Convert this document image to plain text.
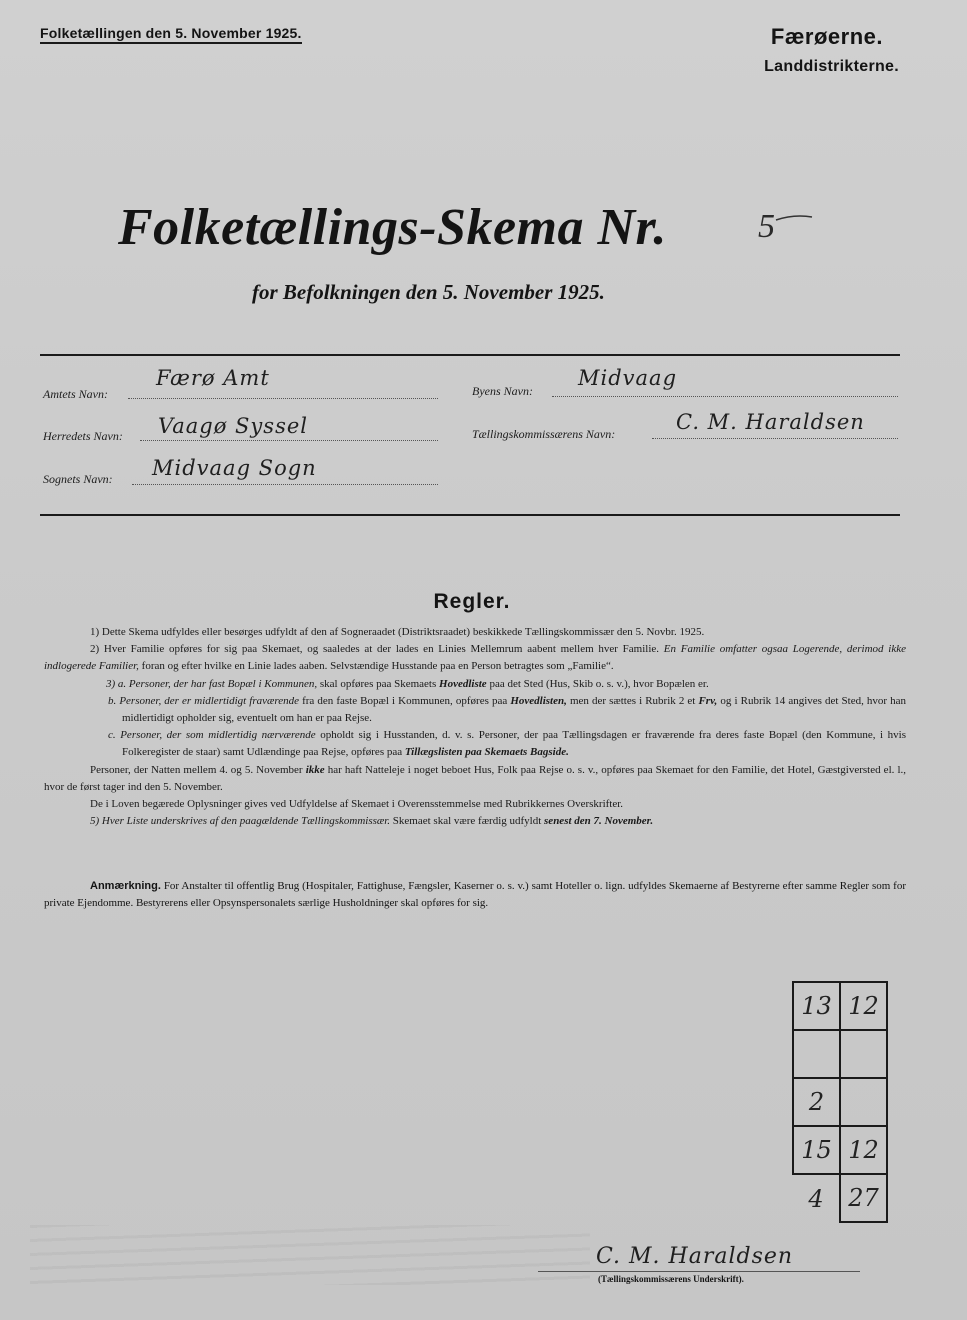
Folketællingen den 5. November 1925.	Færøerne.
Landdistrikterne.
Folketællings-Skema Nr.	5
for Befolkningen den 5. November 1925.
Amtets Navn:
Færø Amt
Herredets Navn: Vaagø Syssel
Sognets Navn: Midvaag Sogn
Byens Navn:
Midvaag
Tællingskommissærens Navn:	C. M. Haraldsen
Regler.

1) Dette Skema udfyldes eller besørges udfyldt af den af Sogneraadet (Distriktsraadet) beskikkede Tællingskommissær den 5. Novbr. 1925.

2) Hver Familie opføres for sig paa Skemaet, og saaledes at der lades en Linies Mellemrum aabent mellem hver Familie. En Familie omfatter ogsaa Logerende, derimod ikke indlogerede Familier, foran og efter hvilke en Linie lades aaben. Selvstændige Husstande paa en Person betragtes som „Familie“.

3) a. Personer, der har fast Bopæl i Kommunen, skal opføres paa Skemaets Hovedliste paa det Sted (Hus, Skib o. s. v.), hvor Bopælen er.

b. Personer, der er midlertidigt fraværende fra den faste Bopæl i Kommunen, opføres paa Hovedlisten, men der sættes i Rubrik 2 et Frv, og i Rubrik 14 angives det Sted, hvor han midlertidigt opholder sig, eventuelt om han er paa Rejse.

c. Personer, der som midlertidig nærværende opholdt sig i Husstanden, d. v. s. Personer, der paa Tællingsdagen er fraværende fra deres faste Bopæl (den Kommune, i hvis Folkeregister de staar) samt Udlændinge paa Rejse, opføres paa Tillægslisten paa Skemaets Bagside.

Personer, der Natten mellem 4. og 5. November ikke har haft Natteleje i noget beboet Hus, Folk paa Rejse o. s. v., opføres paa Skemaet for den Familie, det Hotel, Gæstgiversted el. l., hvor de først tager ind den 5. November.

De i Loven begærede Oplysninger gives ved Udfyldelse af Skemaet i Overensstemmelse med Rubrikkernes Overskrifter.

5) Hver Liste underskrives af den paagældende Tællingskommissær. Skemaet skal være færdig udfyldt senest den 7. November.

Anmærkning. For Anstalter til offentlig Brug (Hospitaler, Fattighuse, Fængsler, Kaserner o. s. v.) samt Hoteller o. lign. udfyldes Skemaerne af Bestyrerne efter samme Regler som for private Ejendomme. Bestyrerens eller Opsynspersonalets særlige Husholdninger skal opføres for sig.

13	12

2	
15	12
4	27
C. M. Haraldsen
(Tællingskommissærens Underskrift).
